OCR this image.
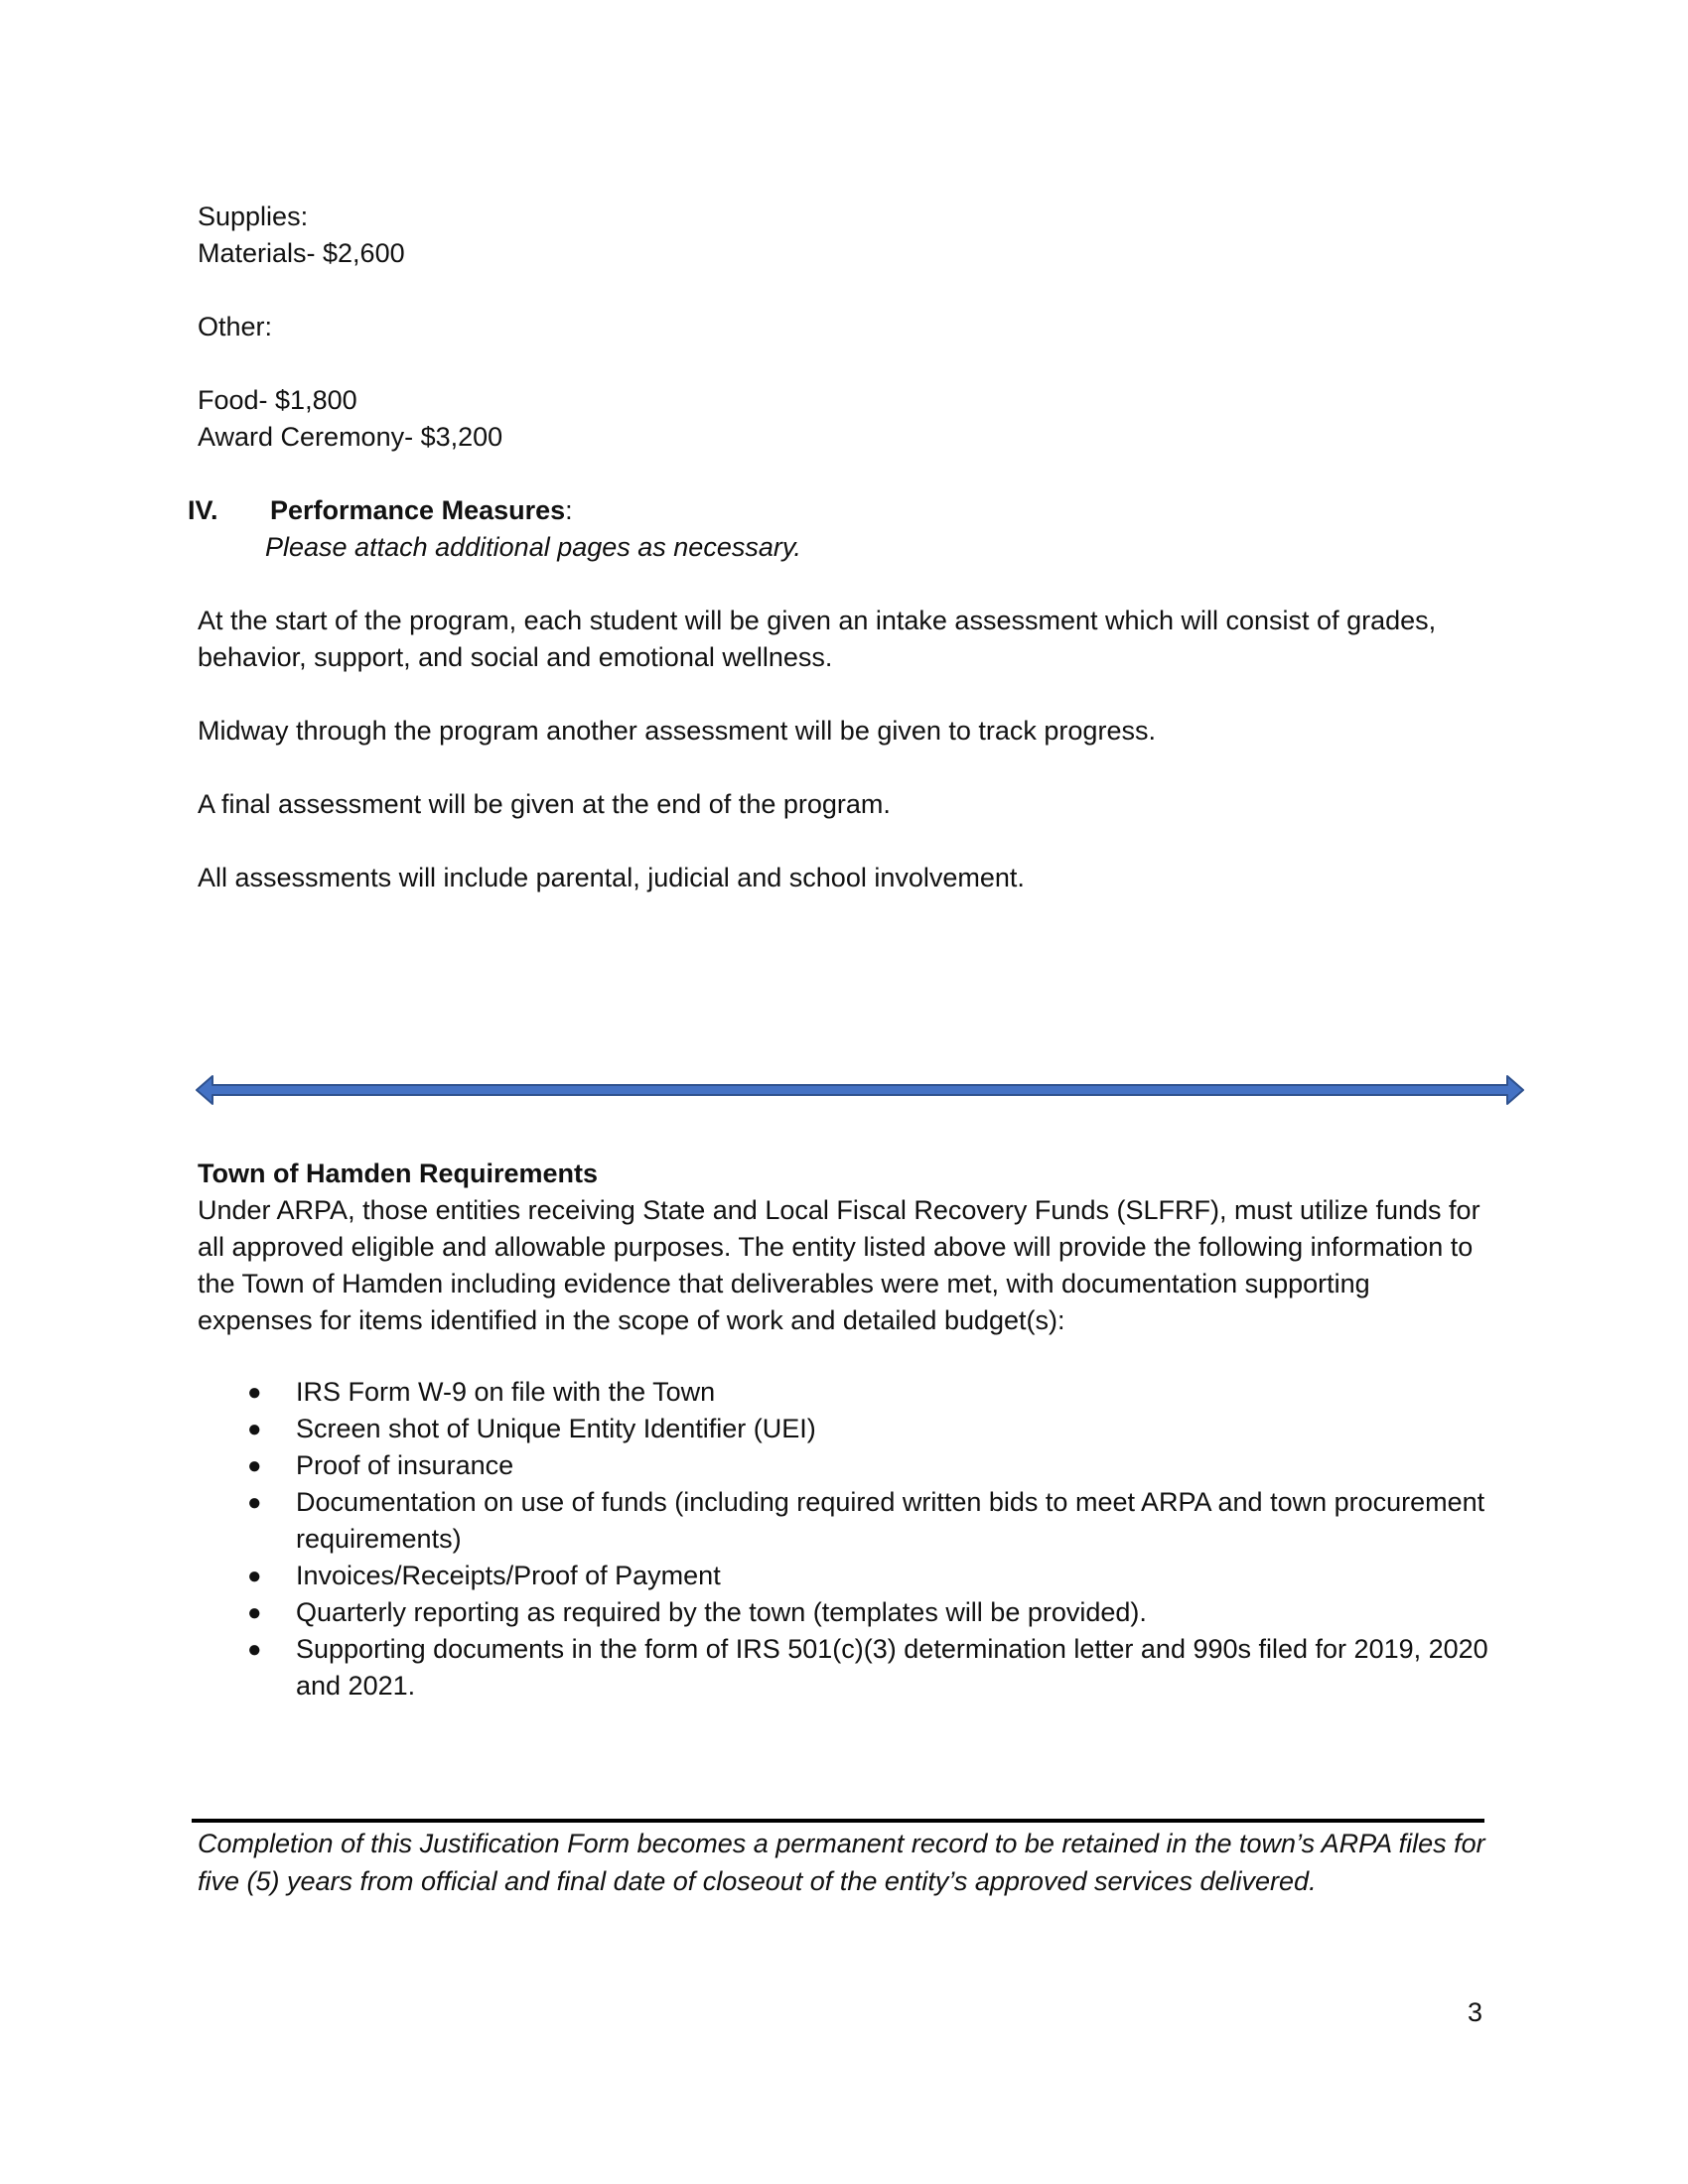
Supplies:
Materials- $2,600
Other:
Food- $1,800
Award Ceremony- $3,200
IV. Performance Measures:
Please attach additional pages as necessary.
At the start of the program, each student will be given an intake assessment which will consist of grades, behavior, support, and social and emotional wellness.
Midway through the program another assessment will be given to track progress.
A final assessment will be given at the end of the program.
All assessments will include parental, judicial and school involvement.
Town of Hamden Requirements
Under ARPA, those entities receiving State and Local Fiscal Recovery Funds (SLFRF), must utilize funds for all approved eligible and allowable purposes. The entity listed above will provide the following information to the Town of Hamden including evidence that deliverables were met, with documentation supporting expenses for items identified in the scope of work and detailed budget(s):
● IRS Form W-9 on file with the Town
● Screen shot of Unique Entity Identifier (UEI)
● Proof of insurance
● Documentation on use of funds (including required written bids to meet ARPA and town procurement requirements)
● Invoices/Receipts/Proof of Payment
● Quarterly reporting as required by the town (templates will be provided).
● Supporting documents in the form of IRS 501(c)(3) determination letter and 990s filed for 2019, 2020 and 2021.
Completion of this Justification Form becomes a permanent record to be retained in the town’s ARPA files for five (5) years from official and final date of closeout of the entity’s approved services delivered.
3
